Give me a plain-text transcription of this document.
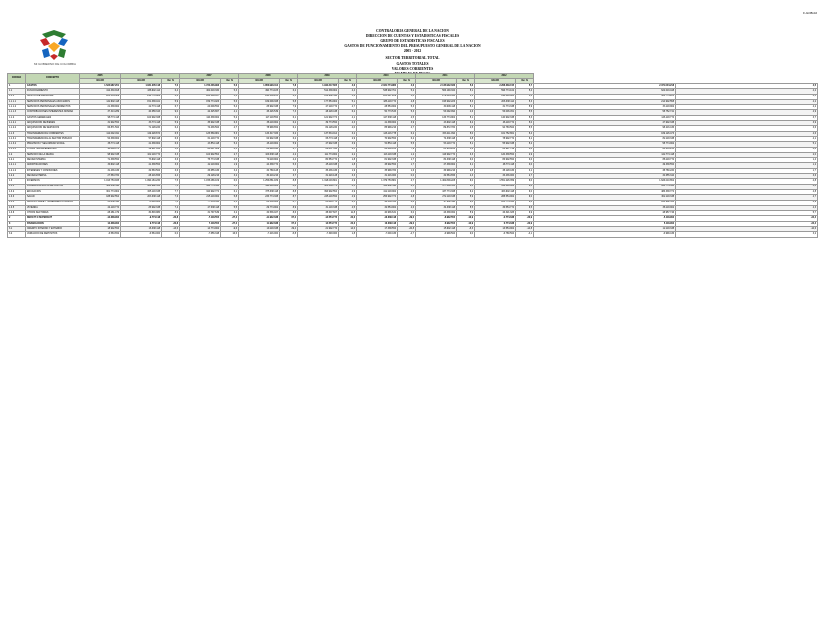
F-GOB-02
MI GOBIERNO DE COLOMBIA
CONTRALORIA GENERAL DE LA NACION
DIRECCION DE CUENTAS Y ESTADISTICAS FISCALES
GRUPO DE ESTADISTICAS FISCALES
GASTOS DE FUNCIONAMIENTO DEL PRESUPUESTO GENERAL DE LA NACION
2005 - 2012
SECTOR TERRITORIAL TOTAL
GASTOS TOTALES
VALORES CORRIENTES
CODIGO	CONCEPTO	2005	2006		2007		2008		2009		2010		2011		2012			
		VALOR	VALOR	Var. %	VALOR	Var. %	VALOR	Var. %	VALOR	Var. %	VALOR	Var. %	VALOR	Var. %	VALOR	Var. %		
1	GASTOS	1.524.987.201	1.631.205.118	7,0	1.722.406.993	5,6	1.856.993.412	7,8	1.942.317.605	4,6	2.031.774.980	4,6	2.145.902.336	5,6	2.268.339.015	5,7	2.371.004.218	4,5
1.1	FUNCIONAMIENTO	412.330.918	438.902.114	6,4	462.018.330	5,3	490.774.105	6,2	512.338.902	4,4	538.902.761	5,2	566.190.334	5,1	596.774.102	5,4	622.019.448	4,2
1.1.1	GASTOS DE PERSONAL	201.554.309	214.770.902	6,6	226.109.447	5,3	240.338.215	6,3	252.902.114	5,2	265.447.209	5,0	279.004.338	5,1	294.118.903	5,4	306.774.201	4,3
1.1.1.1	SERVICIOS PERSONALES ASOCIADOS	142.902.118	151.338.441	5,9	159.774.026	5,6	169.009.338	5,8	177.554.902	5,1	186.118.774	4,8	195.902.226	5,3	206.338.114	5,3	214.902.558	4,2
1.1.1.2	SERVICIOS PERSONALES INDIRECTOS	21.338.902	22.774.118	6,7	24.009.554	5,4	25.902.338	7,9	27.118.774	4,7	28.554.902	5,3	30.009.118	5,1	31.774.338	5,9	33.118.902	4,2
1.1.1.3	CONTRIBUCIONES INHERENTES NOMINA	37.313.289	40.658.343	9,0	42.325.867	4,1	45.426.539	7,3	48.228.438	6,2	50.773.533	5,3	53.092.994	4,6	56.006.451	5,5	58.752.741	4,9
1.1.2	GASTOS GENERALES	98.774.118	104.902.338	6,2	110.338.902	5,2	117.118.554	6,1	121.902.774	4,1	127.338.118	4,5	133.774.902	5,1	140.902.338	5,3	146.118.774	3,7
1.1.2.1	ADQUISICION DE BIENES	31.902.554	33.774.118	5,9	35.902.338	6,3	38.118.902	6,2	39.774.554	4,3	41.338.902	3,9	43.902.118	6,2	46.118.774	5,0	47.902.338	3,9
1.1.2.2	ADQUISICION DE SERVICIOS	66.871.564	71.128.220	6,4	74.436.564	4,7	78.999.652	6,1	82.128.220	4,0	85.999.216	4,7	89.872.784	4,5	94.783.564	5,5	98.216.436	3,6
1.1.3	TRANSFERENCIAS CORRIENTES	112.002.491	119.228.874	6,5	125.569.981	5,3	133.317.336	6,2	137.534.014	3,2	146.116.778	6,2	153.411.094	5,0	161.752.861	5,4	169.126.473	4,6
1.1.3.1	TRANSFERENCIAS AL SECTOR PUBLICO	54.338.902	57.902.118	6,6	61.118.774	5,6	64.902.338	6,2	66.774.118	2,9	70.902.554	6,2	74.338.118	4,8	78.902.774	6,1	82.118.338	4,1
1.1.3.2	PREVISION Y SEGURIDAD SOCIAL	38.774.118	41.338.902	6,6	43.554.118	5,4	46.118.902	5,9	47.902.338	3,9	50.554.118	5,5	53.118.774	5,1	55.902.338	5,2	58.774.902	5,1
1.1.3.3	OTRAS TRANSFERENCIAS	18.889.471	19.987.854	5,8	20.897.089	4,5	22.296.096	6,7	22.857.558	2,5	24.660.106	7,9	25.954.202	5,2	26.947.749	3,8	28.233.233	4,8
1.2	SERVICIO DE LA DEUDA	98.902.338	102.118.774	3,3	104.902.554	2,7	109.338.118	4,2	111.774.902	2,2	113.118.338	1,2	116.902.774	3,3	120.338.554	2,9	122.774.118	2,0
1.2.1	DEUDA INTERNA	71.338.554	73.902.118	3,6	75.774.338	2,5	79.118.902	4,4	80.554.774	1,8	81.902.338	1,7	84.338.118	3,0	86.902.554	3,0	88.118.774	1,4
1.2.1.1	AMORTIZACIONES	39.902.118	41.338.554	3,6	42.118.902	1,9	44.338.774	5,3	45.118.338	1,8	45.902.554	1,7	47.338.902	3,1	48.774.118	3,0	49.338.554	1,2
1.2.1.2	INTERESES Y COMISIONES	31.436.436	32.563.564	3,6	33.655.436	3,4	34.780.128	3,3	35.436.436	1,9	35.999.784	1,6	36.999.216	2,8	38.128.436	3,1	38.780.220	1,7
1.2.2	DEUDA EXTERNA	27.563.784	28.216.656	2,4	29.128.216	3,2	30.219.216	3,7	31.220.128	3,3	31.216.000	0,0	32.564.656	4,3	33.436.000	2,7	34.655.344	3,6
1.3	INVERSION	1.013.753.945	1.090.184.230	7,5	1.155.486.109	6,0	1.256.881.189	8,8	1.318.203.801	4,9	1.379.753.881	4,7	1.462.809.228	6,0	1.551.226.359	6,0	1.626.210.652	4,8
1.3.1	FORMACION BRUTA DE CAPITAL	402.338.118	431.902.554	7,3	458.774.338	6,2	499.118.902	8,8	521.338.774	4,5	544.902.118	4,5	577.338.554	6,0	612.118.902	6,0	641.774.338	4,8
1.3.2	EDUCACION	301.774.902	325.118.338	7,7	344.902.774	6,1	375.338.118	8,8	393.902.554	4,9	412.118.902	4,6	437.774.338	6,2	463.902.118	6,0	486.338.774	4,8
1.3.3	SALUD	188.902.554	203.338.118	7,6	215.118.902	5,8	233.774.338	8,7	245.118.554	4,9	256.902.774	4,8	272.118.338	5,9	288.554.902	6,0	302.118.338	4,7
1.3.4	AGUA POTABLE Y SANEAMIENTO BASICO	68.338.118	73.118.902	7,0	77.554.338	6,1	84.338.902	8,7	88.118.774	4,5	92.338.554	4,8	97.902.118	6,0	103.774.338	6,0	108.902.554	4,9
1.3.5	VIVIENDA	24.118.774	25.902.338	7,4	27.338.118	5,5	29.774.902	8,9	31.118.338	4,5	32.554.902	4,6	34.338.118	5,5	36.554.774	6,5	38.118.902	4,3
1.3.6	OTROS SECTORES	28.281.479	30.803.980	8,9	31.797.639	3,2	34.536.027	8,6	38.607.607	11,8	40.936.631	6,0	43.338.062	5,9	46.321.325	6,9	48.957.746	5,7
2	DEFICIT O SUPERAVIT	-12.338.902	-9.774.118	-20,8	-7.118.554	-27,2	-11.902.338	67,2	-14.554.774	22,3	-10.338.118	-29,0	-8.902.554	-13,9	-6.774.338	-23,9	-5.118.902	-24,4
3	FINANCIACION	12.338.902	9.774.118	-20,8	7.118.554	-27,2	11.902.338	67,2	14.554.774	22,3	10.338.118	-29,0	8.902.554	-13,9	6.774.338	-23,9	5.118.902	-24,4
3.1	CREDITO INTERNO Y EXTERNO	18.902.554	16.338.118	-13,6	14.774.902	-9,6	19.118.338	29,4	21.902.774	14,6	17.338.554	-20,8	15.902.118	-8,3	13.554.902	-14,8	12.118.338	-10,6
3.2	VARIACION DE DEPOSITOS	-6.563.652	-6.564.000	0,0	-7.656.348	16,6	-7.216.000	-5,8	-7.348.000	1,8	-7.000.436	-4,7	-6.999.564	0,0	-6.780.564	-3,1	-6.999.436	3,2
